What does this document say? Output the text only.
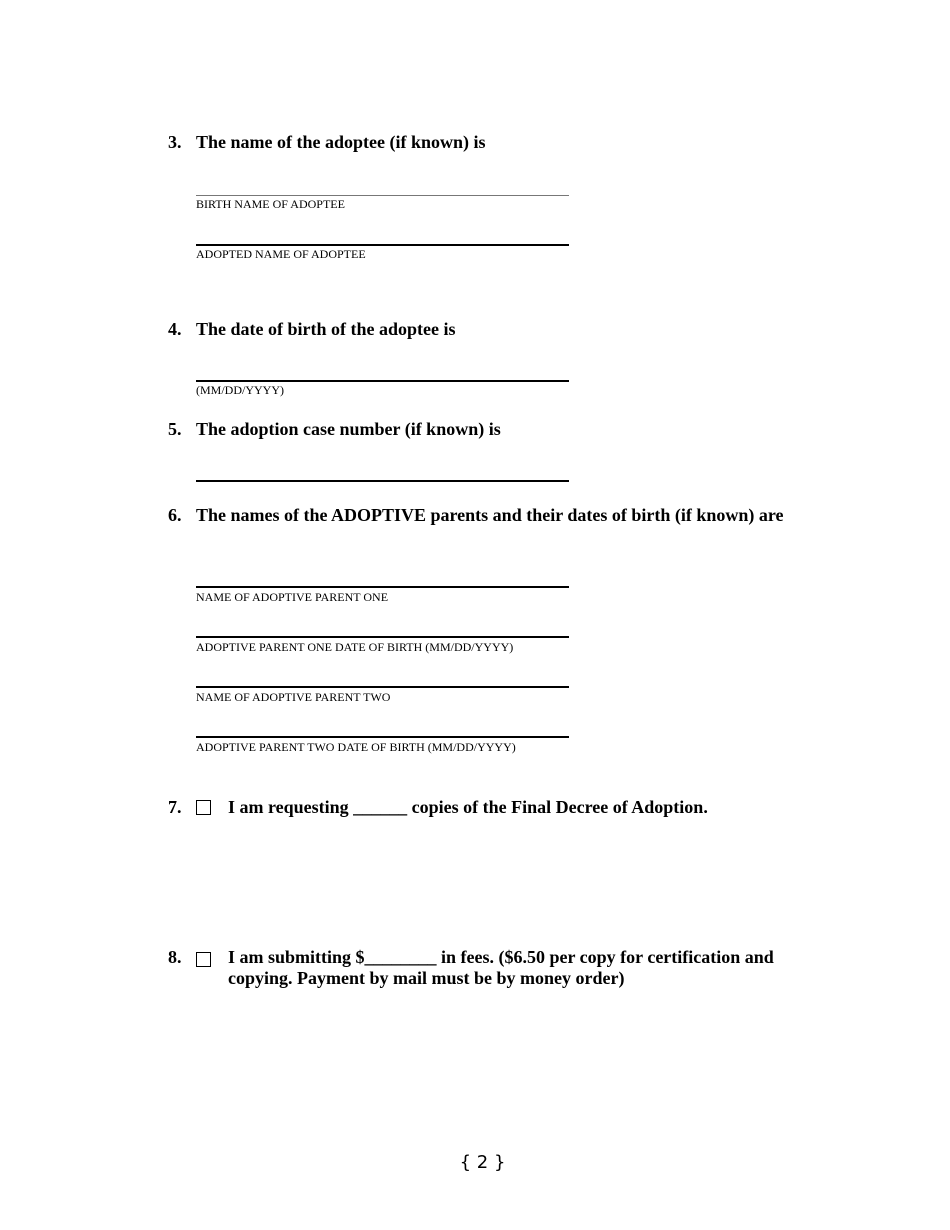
3. The name of the adoptee (if known) is
BIRTH NAME OF ADOPTEE
ADOPTED NAME OF ADOPTEE
4. The date of birth of the adoptee is
(MM/DD/YYYY)
5. The adoption case number (if known) is
6. The names of the ADOPTIVE parents and their dates of birth (if known) are
NAME OF ADOPTIVE PARENT ONE
ADOPTIVE PARENT ONE DATE OF BIRTH (MM/DD/YYYY)
NAME OF ADOPTIVE PARENT TWO
ADOPTIVE PARENT TWO DATE OF BIRTH (MM/DD/YYYY)
7.	I am requesting ______ copies of the Final Decree of Adoption.
8.	I am submitting $________ in fees. ($6.50 per copy for certification and
copying. Payment by mail must be by money order)
{ 2 }
